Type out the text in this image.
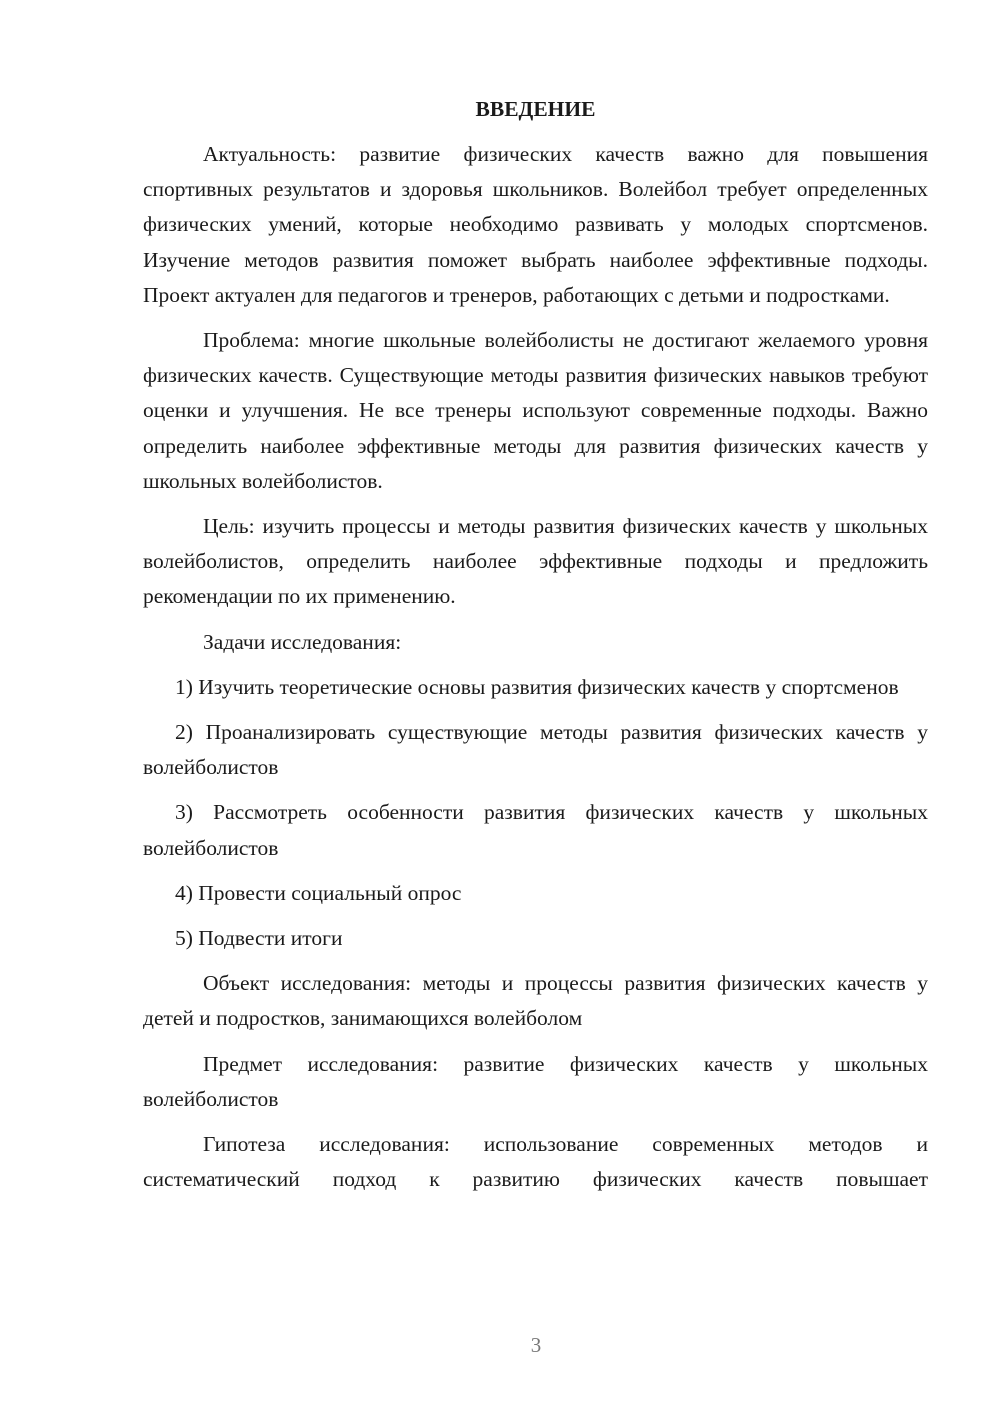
ВВЕДЕНИЕ
Актуальность: развитие физических качеств важно для повышения спортивных результатов и здоровья школьников. Волейбол требует определенных физических умений, которые необходимо развивать у молодых спортсменов. Изучение методов развития поможет выбрать наиболее эффективные подходы. Проект актуален для педагогов и тренеров, работающих с детьми и подростками.
Проблема: многие школьные волейболисты не достигают желаемого уровня физических качеств. Существующие методы развития физических навыков требуют оценки и улучшения. Не все тренеры используют современные подходы. Важно определить наиболее эффективные методы для развития физических качеств у школьных волейболистов.
Цель: изучить процессы и методы развития физических качеств у школьных волейболистов, определить наиболее эффективные подходы и предложить рекомендации по их применению.
Задачи исследования:
1) Изучить теоретические основы развития физических качеств у спортсменов
2) Проанализировать существующие методы развития физических качеств у волейболистов
3) Рассмотреть особенности развития физических качеств у школьных волейболистов
4) Провести социальный опрос
5) Подвести итоги
Объект исследования: методы и процессы развития физических качеств у детей и подростков, занимающихся волейболом
Предмет исследования: развитие физических качеств у школьных волейболистов
Гипотеза исследования: использование современных методов и систематический подход к развитию физических качеств повышает
3
